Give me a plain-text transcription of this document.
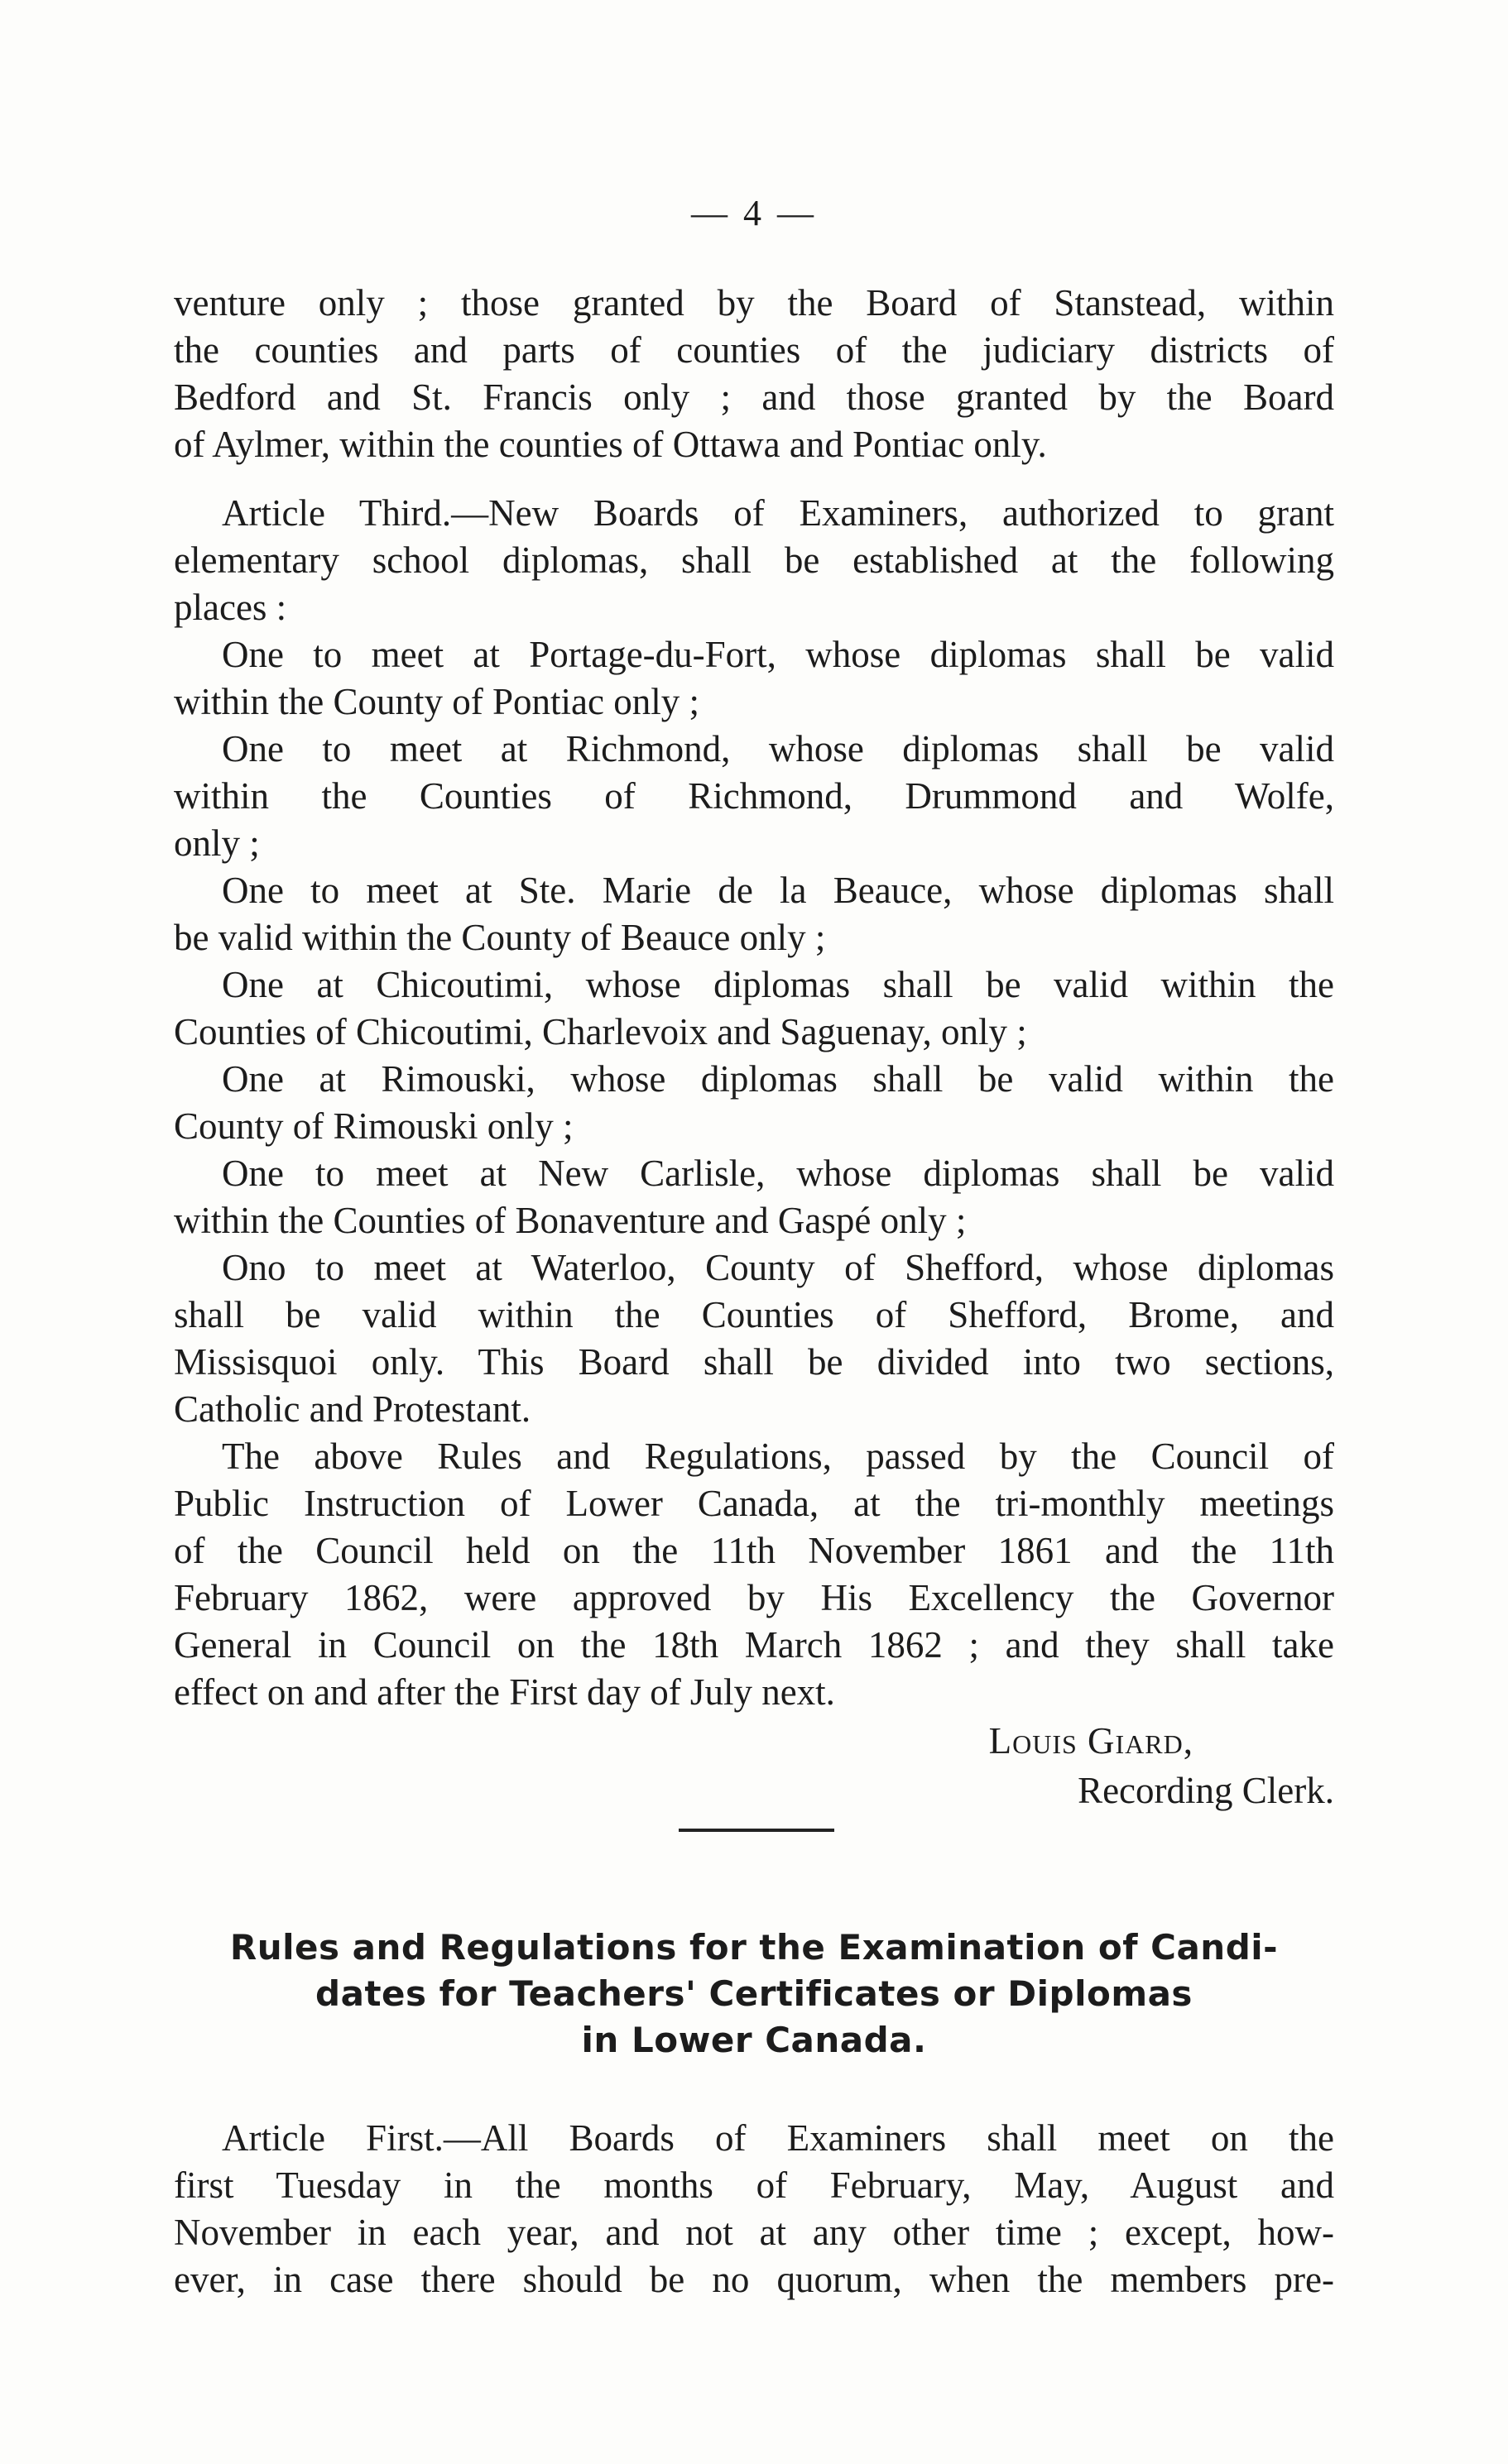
— 4 —

venture only ; those granted by the Board of Stanstead, within
the counties and parts of counties of the judiciary districts of
Bedford and St. Francis only ; and those granted by the Board
of Aylmer, within the counties of Ottawa and Pontiac only.

Article Third.—New Boards of Examiners, authorized to grant
elementary school diplomas, shall be established at the following
places :

One to meet at Portage-du-Fort, whose diplomas shall be valid
within the County of Pontiac only ;

One to meet at Richmond, whose diplomas shall be valid
within the Counties of Richmond, Drummond and Wolfe,
only ;

One to meet at Ste. Marie de la Beauce, whose diplomas shall
be valid within the County of Beauce only ;

One at Chicoutimi, whose diplomas shall be valid within the
Counties of Chicoutimi, Charlevoix and Saguenay, only ;

One at Rimouski, whose diplomas shall be valid within the
County of Rimouski only ;

One to meet at New Carlisle, whose diplomas shall be valid
within the Counties of Bonaventure and Gaspé only ;

Ono to meet at Waterloo, County of Shefford, whose diplomas
shall be valid within the Counties of Shefford, Brome, and
Missisquoi only. This Board shall be divided into two sections,
Catholic and Protestant.

The above Rules and Regulations, passed by the Council of
Public Instruction of Lower Canada, at the tri-monthly meetings
of the Council held on the 11th November 1861 and the 11th
February 1862, were approved by His Excellency the Governor
General in Council on the 18th March 1862 ; and they shall take
effect on and after the First day of July next.

Louis Giard,
Recording Clerk.
Rules and Regulations for the Examination of Candi-
dates for Teachers' Certificates or Diplomas
in Lower Canada.

Article First.—All Boards of Examiners shall meet on the
first Tuesday in the months of February, May, August and
November in each year, and not at any other time ; except, how-
ever, in case there should be no quorum, when the members pre-
